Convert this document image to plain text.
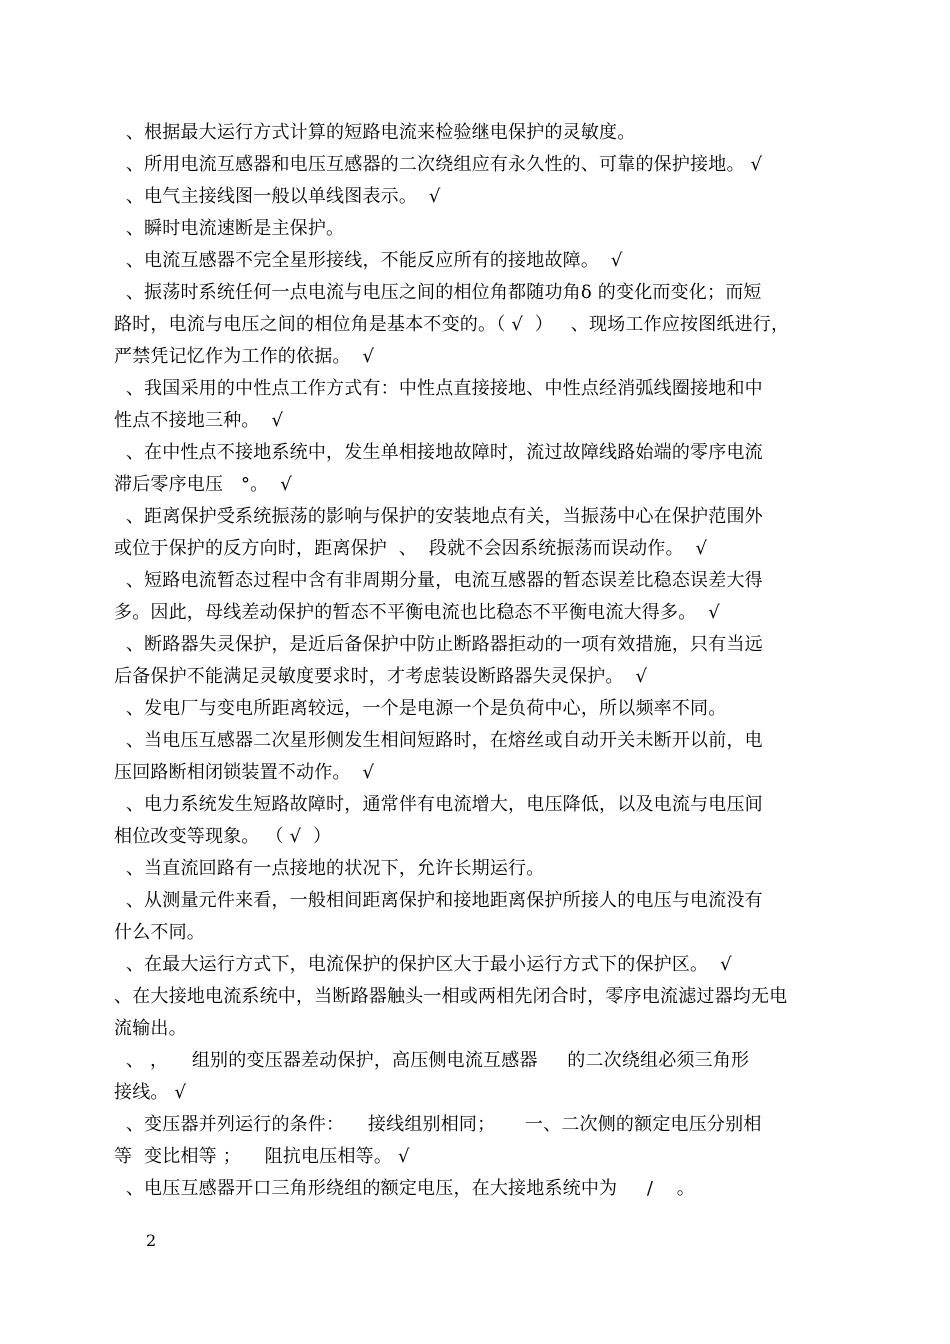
、根据最大运行方式计算的短路电流来检验继电保护的灵敏度。
、所用电流互感器和电压互感器的二次绕组应有永久性的、可靠的保护接地。 √
、电气主接线图一般以单线图表示。  √
、瞬时电流速断是主保护。
、电流互感器不完全星形接线，不能反应所有的接地故障。  √
、振荡时系统任何一点电流与电压之间的相位角都随功角δ 的变化而变化；而短
路时，电流与电压之间的相位角是基本不变的。（ √  ）   、现场工作应按图纸进行，
严禁凭记忆作为工作的依据。  √
、我国采用的中性点工作方式有：中性点直接接地、中性点经消弧线圈接地和中
性点不接地三种。  √
、在中性点不接地系统中，发生单相接地故障时，流过故障线路始端的零序电流
滞后零序电压   °。  √
、距离保护受系统振荡的影响与保护的安装地点有关，当振荡中心在保护范围外
或位于保护的反方向时，距离保护  、  段就不会因系统振荡而误动作。  √
、短路电流暂态过程中含有非周期分量，电流互感器的暂态误差比稳态误差大得
多。因此，母线差动保护的暂态不平衡电流也比稳态不平衡电流大得多。  √
、断路器失灵保护，是近后备保护中防止断路器拒动的一项有效措施，只有当远
后备保护不能满足灵敏度要求时，才考虑装设断路器失灵保护。  √
、发电厂与变电所距离较远，一个是电源一个是负荷中心，所以频率不同。
、当电压互感器二次星形侧发生相间短路时，在熔丝或自动开关未断开以前，电
压回路断相闭锁装置不动作。  √
、电力系统发生短路故障时，通常伴有电流增大，电压降低，以及电流与电压间
相位改变等现象。 （ √  ）
、当直流回路有一点接地的状况下，允许长期运行。
、从测量元件来看，一般相间距离保护和接地距离保护所接人的电压与电流没有
什么不同。
、在最大运行方式下，电流保护的保护区大于最小运行方式下的保护区。  √
、在大接地电流系统中，当断路器触头一相或两相先闭合时，零序电流滤过器均无电
流输出。
、 ，    组别的变压器差动保护，高压侧电流互感器     的二次绕组必须三角形
接线。 √
、变压器并列运行的条件：    接线组别相同；     一、二次侧的额定电压分别相
等  变比相等 ；    阻抗电压相等。 √
、电压互感器开口三角形绕组的额定电压，在大接地系统中为     /    。
2
